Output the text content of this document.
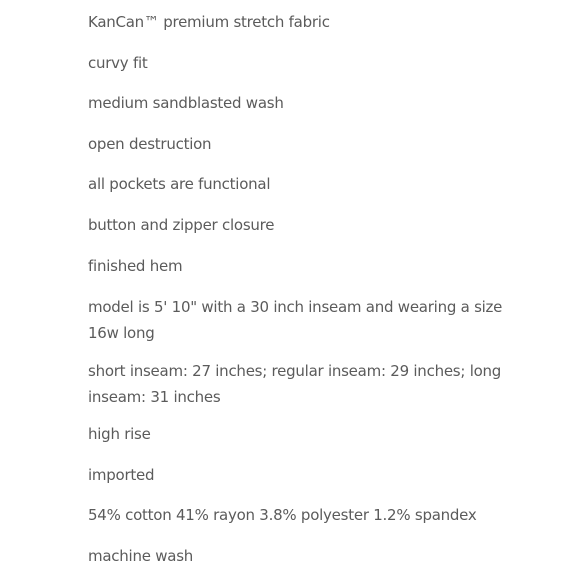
KanCan™ premium stretch fabric
curvy fit
medium sandblasted wash
open destruction
all pockets are functional
button and zipper closure
finished hem
model is 5' 10" with a 30 inch inseam and wearing a size 16w long
short inseam: 27 inches; regular inseam: 29 inches; long inseam: 31 inches
high rise
imported
54% cotton 41% rayon 3.8% polyester 1.2% spandex
machine wash
